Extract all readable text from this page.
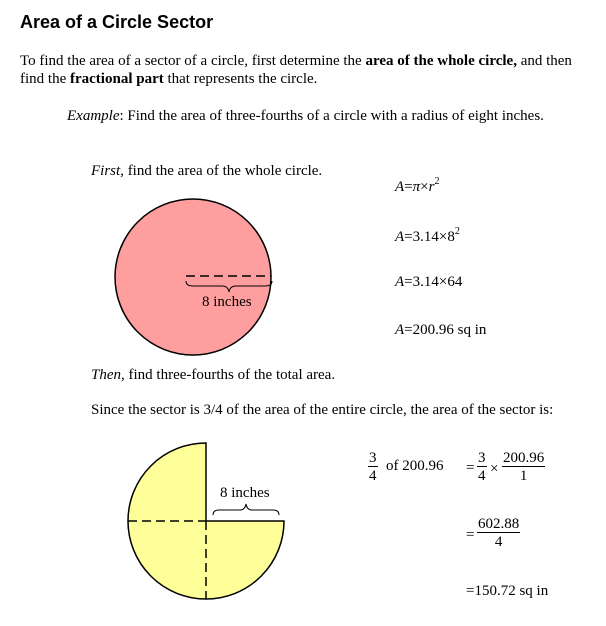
Area of a Circle Sector
To find the area of a sector of a circle, first determine the area of the whole circle, and then find the fractional part that represents the circle.
Example: Find the area of three-fourths of a circle with a radius of eight inches.
First, find the area of the whole circle.
8 inches
8 inches
$A=\pi\times r^2$
$A=3.14\times 8^2$
A=3.14×64
A=200.96 sq in
Then, find three-fourths of the total area.
Since the sector is 3/4 of the area of the entire circle, the area of the sector is:
$\frac{3}{4}$ of $200.96 = \frac{3}{4} \times \frac{200.96}{1}$
= $\frac{602.88}{4}$
=150.72 sq in
